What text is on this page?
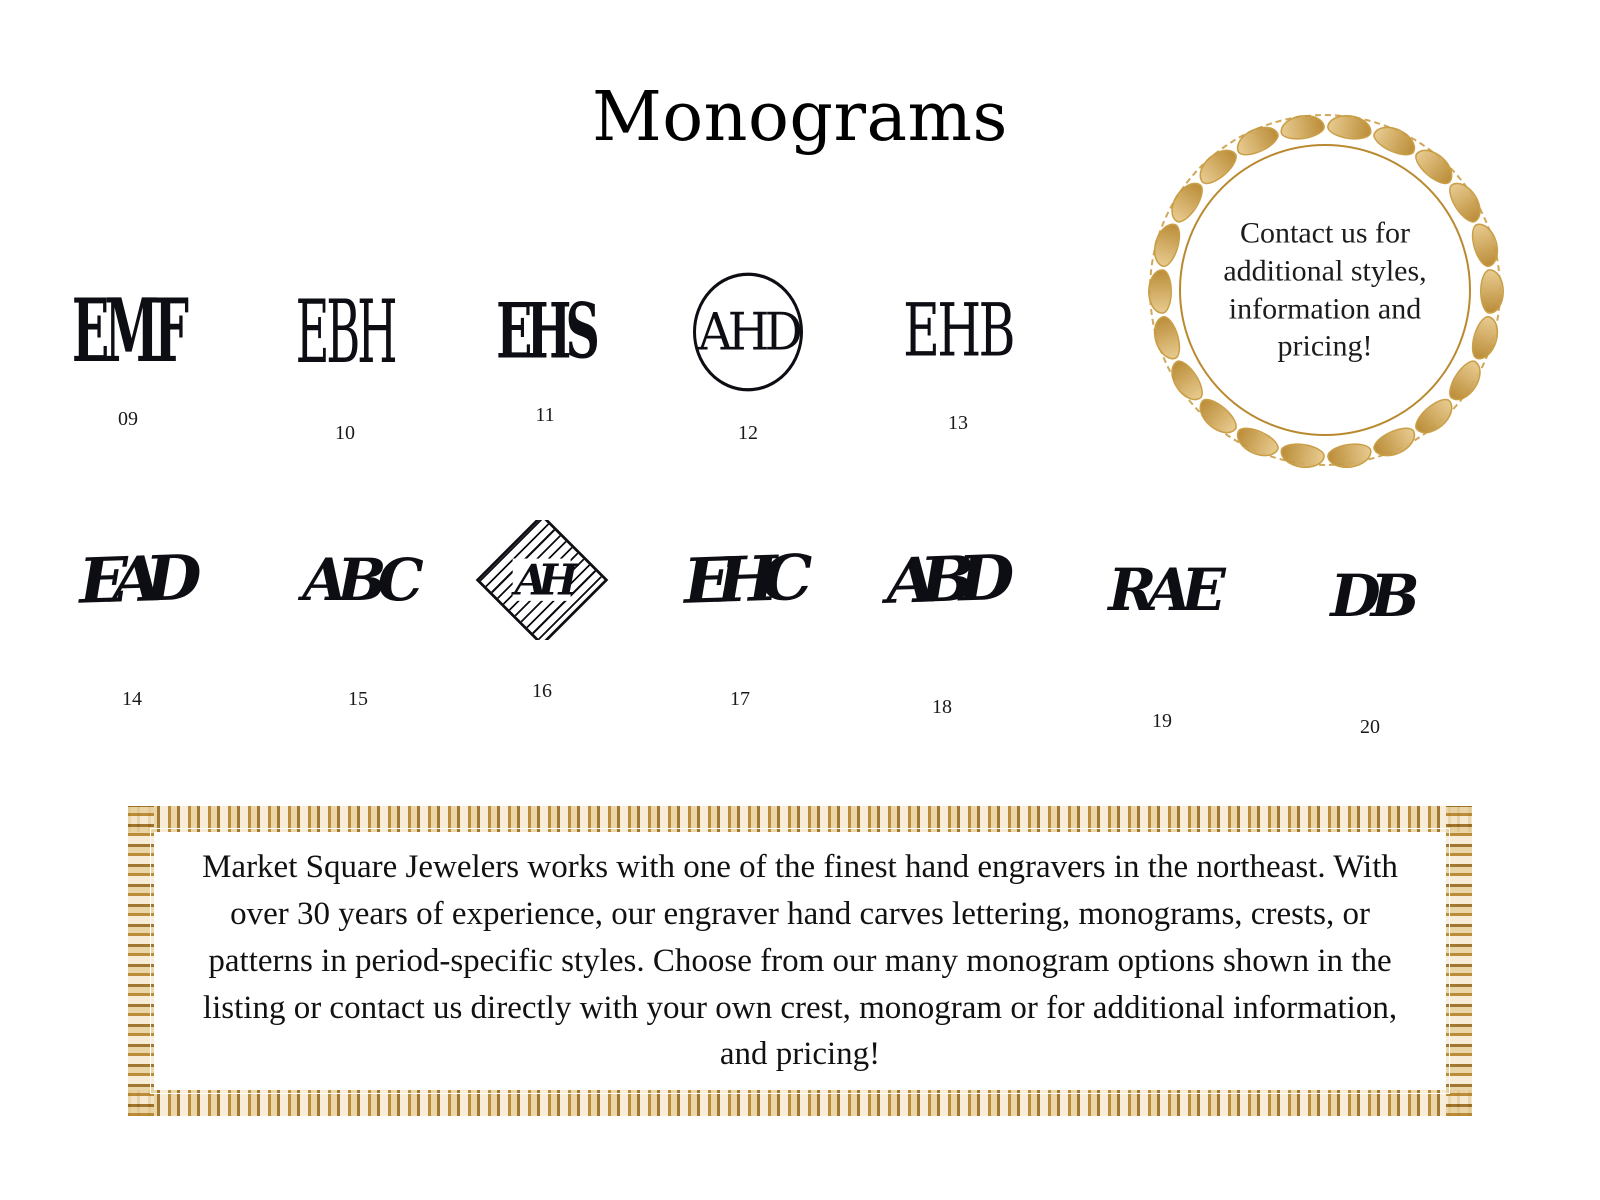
Monograms
Contact us for additional styles, information and pricing!
EMF
09
EBH
10
EHS
11
AHD
12
EHB
13
EAD
14
ABC
15
AH
16
EHC
17
ABD
18
RAE
19
DB
20
Market Square Jewelers works with one of the finest hand engravers in the northeast. With over 30 years of experience, our engraver hand carves lettering, monograms, crests, or patterns in period-specific styles. Choose from our many monogram options shown in the listing or contact us directly with your own crest, monogram or for additional information, and pricing!
